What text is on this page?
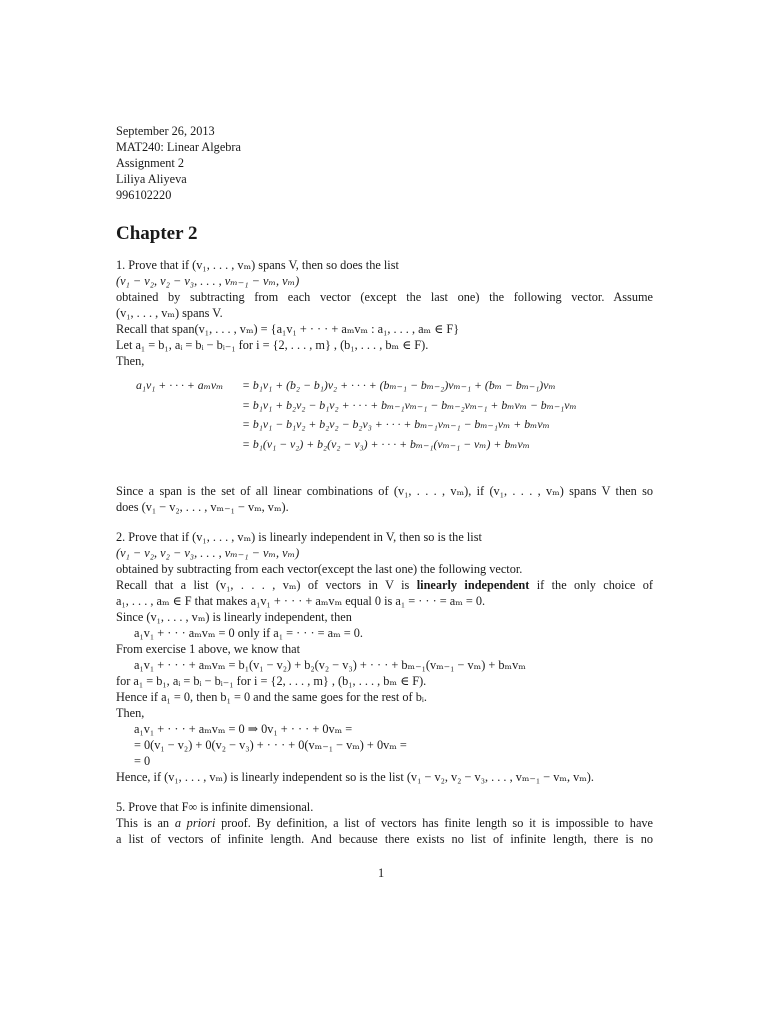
September 26, 2013
MAT240: Linear Algebra
Assignment 2
Liliya Aliyeva
996102220
Chapter 2
1. Prove that if (v₁, . . . , vₘ) spans V, then so does the list
(v₁ − v₂, v₂ − v₃, . . . , vₘ₋₁ − vₘ, vₘ)
obtained by subtracting from each vector (except the last one) the following vector. Assume
(v₁, . . . , vₘ) spans V.
Recall that span(v₁, . . . , vₘ) = {a₁v₁ + · · · + aₘvₘ : a₁, . . . , aₘ ∈ F}
Let a₁ = b₁, aᵢ = bᵢ − bᵢ₋₁ for i = {2, . . . , m} , (b₁, . . . , bₘ ∈ F).
Then,
a₁v₁ + · · · + aₘvₘ = b₁v₁ + (b₂ − b₁)v₂ + · · · + (bₘ₋₁ − bₘ₋₂)vₘ₋₁ + (bₘ − bₘ₋₁)vₘ
= b₁v₁ + b₂v₂ − b₁v₂ + · · · + bₘ₋₁vₘ₋₁ − bₘ₋₂vₘ₋₁ + bₘvₘ − bₘ₋₁vₘ
= b₁v₁ − b₁v₂ + b₂v₂ − b₂v₃ + · · · + bₘ₋₁vₘ₋₁ − bₘ₋₁vₘ + bₘvₘ
= b₁(v₁ − v₂) + b₂(v₂ − v₃) + · · · + bₘ₋₁(vₘ₋₁ − vₘ) + bₘvₘ
Since a span is the set of all linear combinations of (v₁, . . . , vₘ), if (v₁, . . . , vₘ) spans V then so
does (v₁ − v₂, . . . , vₘ₋₁ − vₘ, vₘ).
2. Prove that if (v₁, . . . , vₘ) is linearly independent in V, then so is the list
(v₁ − v₂, v₂ − v₃, . . . , vₘ₋₁ − vₘ, vₘ)
obtained by subtracting from each vector(except the last one) the following vector.
Recall that a list (v₁, . . . , vₘ) of vectors in V is linearly independent if the only choice of
a₁, . . . , aₘ ∈ F that makes a₁v₁ + · · · + aₘvₘ equal 0 is a₁ = · · · = aₘ = 0.
Since (v₁, . . . , vₘ) is linearly independent, then
a₁v₁ + · · · aₘvₘ = 0 only if a₁ = · · · = aₘ = 0.
From exercise 1 above, we know that
a₁v₁ + · · · + aₘvₘ = b₁(v₁ − v₂) + b₂(v₂ − v₃) + · · · + bₘ₋₁(vₘ₋₁ − vₘ) + bₘvₘ
for a₁ = b₁, aᵢ = bᵢ − bᵢ₋₁ for i = {2, . . . , m} , (b₁, . . . , bₘ ∈ F).
Hence if a₁ = 0, then b₁ = 0 and the same goes for the rest of bᵢ.
Then,
a₁v₁ + · · · + aₘvₘ = 0 ⇒ 0v₁ + · · · + 0vₘ =
= 0(v₁ − v₂) + 0(v₂ − v₃) + · · · + 0(vₘ₋₁ − vₘ) + 0vₘ =
= 0
Hence, if (v₁, . . . , vₘ) is linearly independent so is the list (v₁ − v₂, v₂ − v₃, . . . , vₘ₋₁ − vₘ, vₘ).
5. Prove that F∞ is infinite dimensional.
This is an a priori proof. By definition, a list of vectors has finite length so it is impossible to have
a list of vectors of infinite length. And because there exists no list of infinite length, there is no
1
